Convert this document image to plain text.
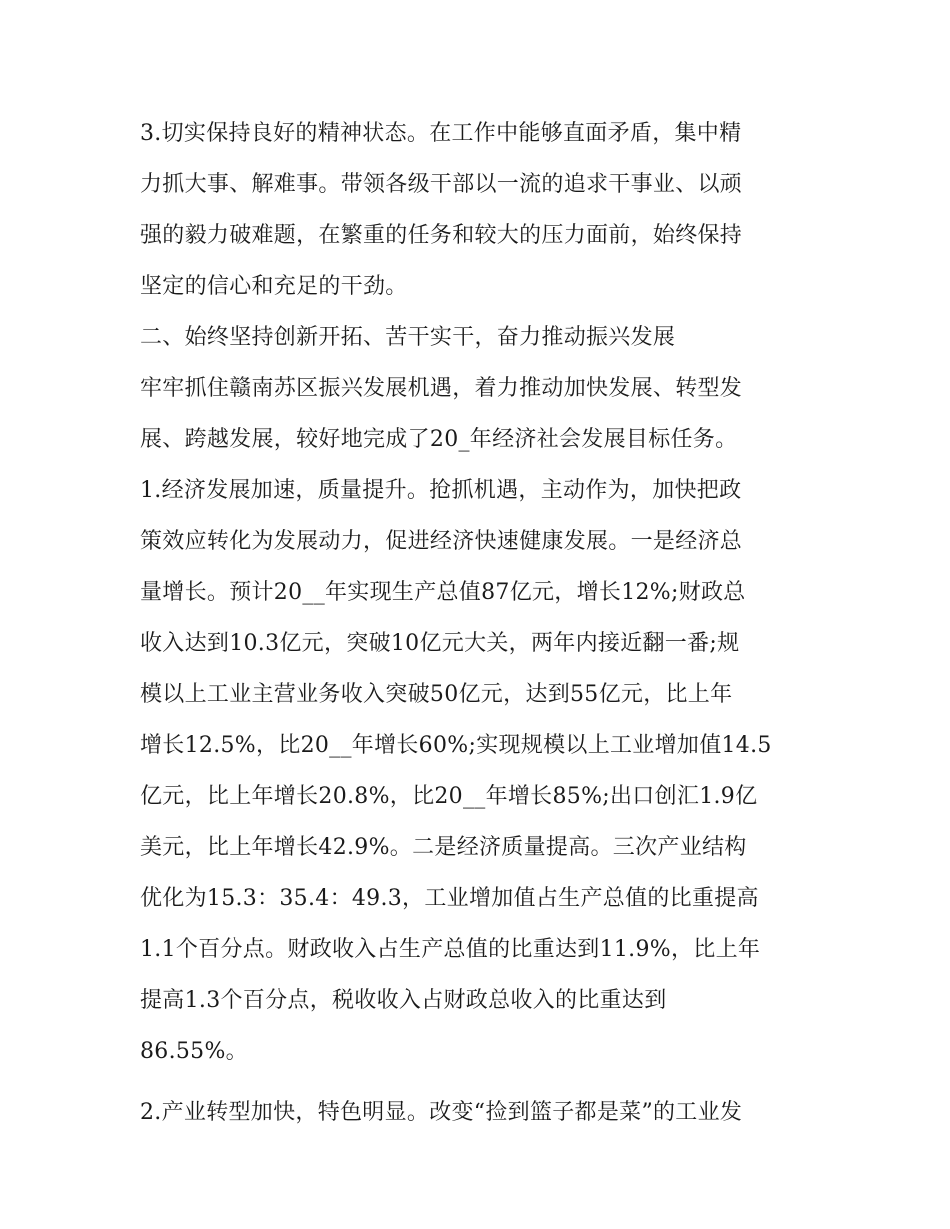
3.切实保持良好的精神状态。在工作中能够直面矛盾，集中精
力抓大事、解难事。带领各级干部以一流的追求干事业、以顽
强的毅力破难题，在繁重的任务和较大的压力面前，始终保持
坚定的信心和充足的干劲。
二、始终坚持创新开拓、苦干实干，奋力推动振兴发展
牢牢抓住赣南苏区振兴发展机遇，着力推动加快发展、转型发
展、跨越发展，较好地完成了20_年经济社会发展目标任务。
1.经济发展加速，质量提升。抢抓机遇，主动作为，加快把政
策效应转化为发展动力，促进经济快速健康发展。一是经济总
量增长。预计20__年实现生产总值87亿元，增长12%;财政总
收入达到10.3亿元，突破10亿元大关，两年内接近翻一番;规
模以上工业主营业务收入突破50亿元，达到55亿元，比上年
增长12.5%，比20__年增长60%;实现规模以上工业增加值14.5
亿元，比上年增长20.8%，比20__年增长85%;出口创汇1.9亿
美元，比上年增长42.9%。二是经济质量提高。三次产业结构
优化为15.3：35.4：49.3，工业增加值占生产总值的比重提高
1.1个百分点。财政收入占生产总值的比重达到11.9%，比上年
提高1.3个百分点，税收收入占财政总收入的比重达到
86.55%。
2.产业转型加快，特色明显。改变“捡到篮子都是菜”的工业发
